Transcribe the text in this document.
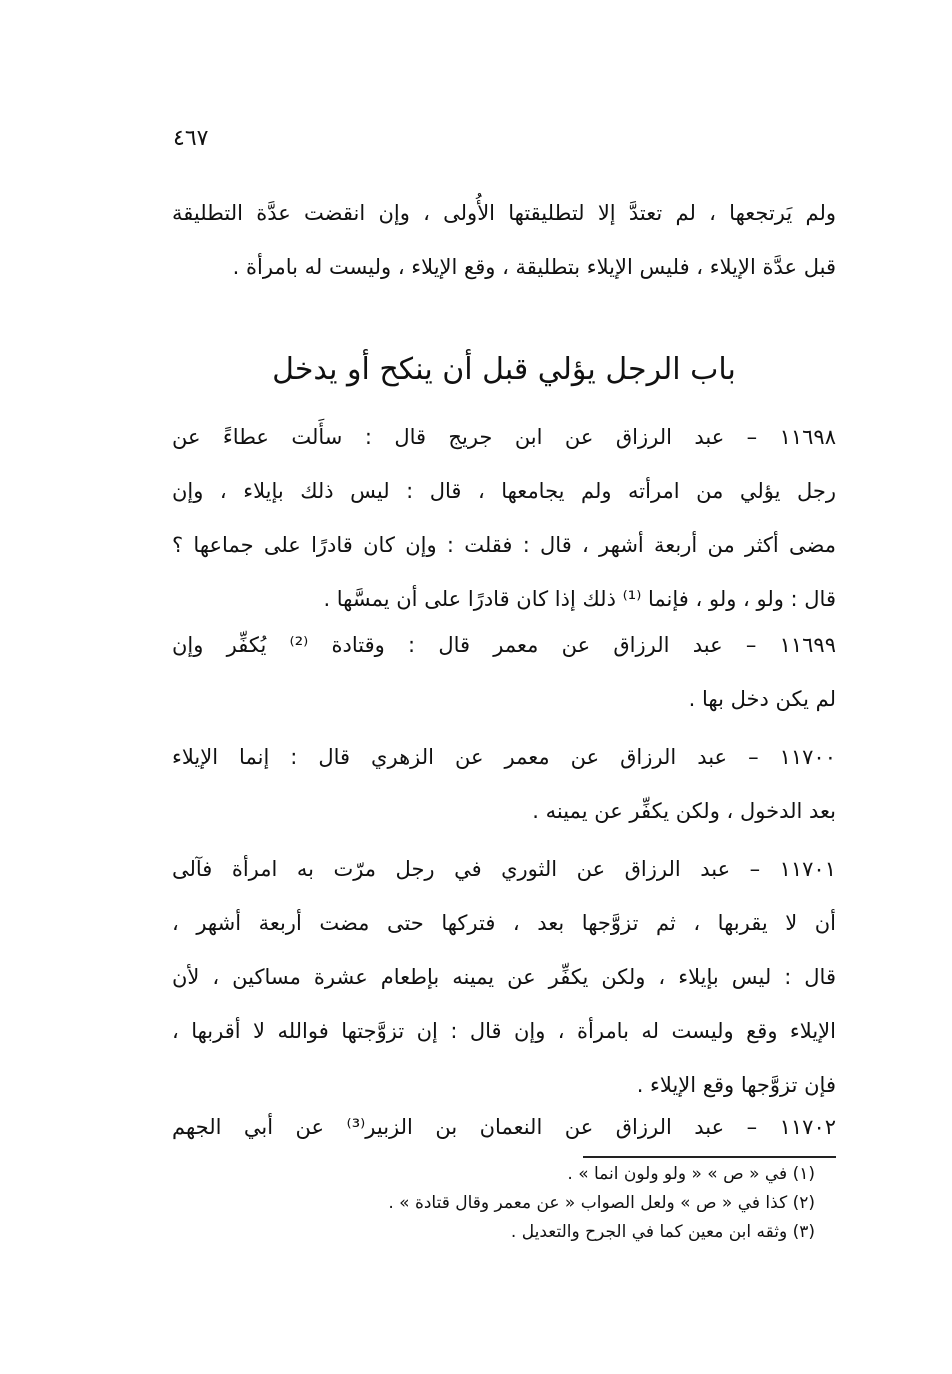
٤٦٧
ولم يَرتجعها ، لم تعتدَّ إلا لتطليقتها الأُولى ، وإن انقضت عدَّة التطليقة
قبل عدَّة الإيلاء ، فليس الإيلاء بتطليقة ، وقع الإيلاء ، وليست له بامرأة .
باب الرجل يؤلي قبل أن ينكح أو يدخل
١١٦٩٨ – عبد الرزاق عن ابن جريج قال : سأَلت عطاءً عن
رجل يؤلي من امرأته ولم يجامعها ، قال : ليس ذلك بإيلاء ، وإن
مضى أكثر من أربعة أشهر ، قال : فقلت : وإن كان قادرًا على جماعها ؟
قال : ولو ، ولو ، فإنما ⁽¹⁾ ذلك إذا كان قادرًا على أن يمسَّها .
١١٦٩٩ – عبد الرزاق عن معمر قال : وقتادة ⁽²⁾ يُكفِّر وإن
لم يكن دخل بها .
١١٧٠٠ – عبد الرزاق عن معمر عن الزهري قال : إنما الإيلاء
بعد الدخول ، ولكن يكفِّر عن يمينه .
١١٧٠١ – عبد الرزاق عن الثوري في رجل مرّت به امرأة فآلى
أن لا يقربها ، ثم تزوَّجها بعد ، فتركها حتى مضت أربعة أشهر ،
قال : ليس بإيلاء ، ولكن يكفِّر عن يمينه بإطعام عشرة مساكين ، لأن
الإيلاء وقع وليست له بامرأة ، وإن قال : إن تزوَّجتها فوالله لا أقربها ،
فإن تزوَّجها وقع الإيلاء .
١١٧٠٢ – عبد الرزاق عن النعمان بن الزبير⁽³⁾ عن أبي الجهم
(١) في « ص » « ولو ولون انما » .
(٢) كذا في « ص » ولعل الصواب « عن معمر وقال قتادة » .
(٣) وثقه ابن معين كما في الجرح والتعديل .
